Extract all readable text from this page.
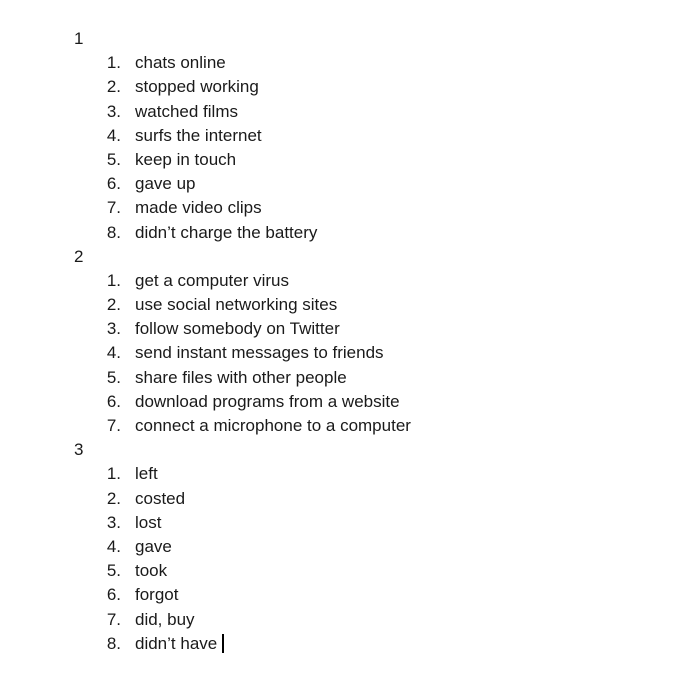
1
1. chats online
2. stopped working
3. watched films
4. surfs the internet
5. keep in touch
6. gave up
7. made video clips
8. didn’t charge the battery
2
1. get a computer virus
2. use social networking sites
3. follow somebody on Twitter
4. send instant messages to friends
5. share files with other people
6. download programs from a website
7. connect a microphone to a computer
3
1. left
2. costed
3. lost
4. gave
5. took
6. forgot
7. did, buy
8. didn’t have
